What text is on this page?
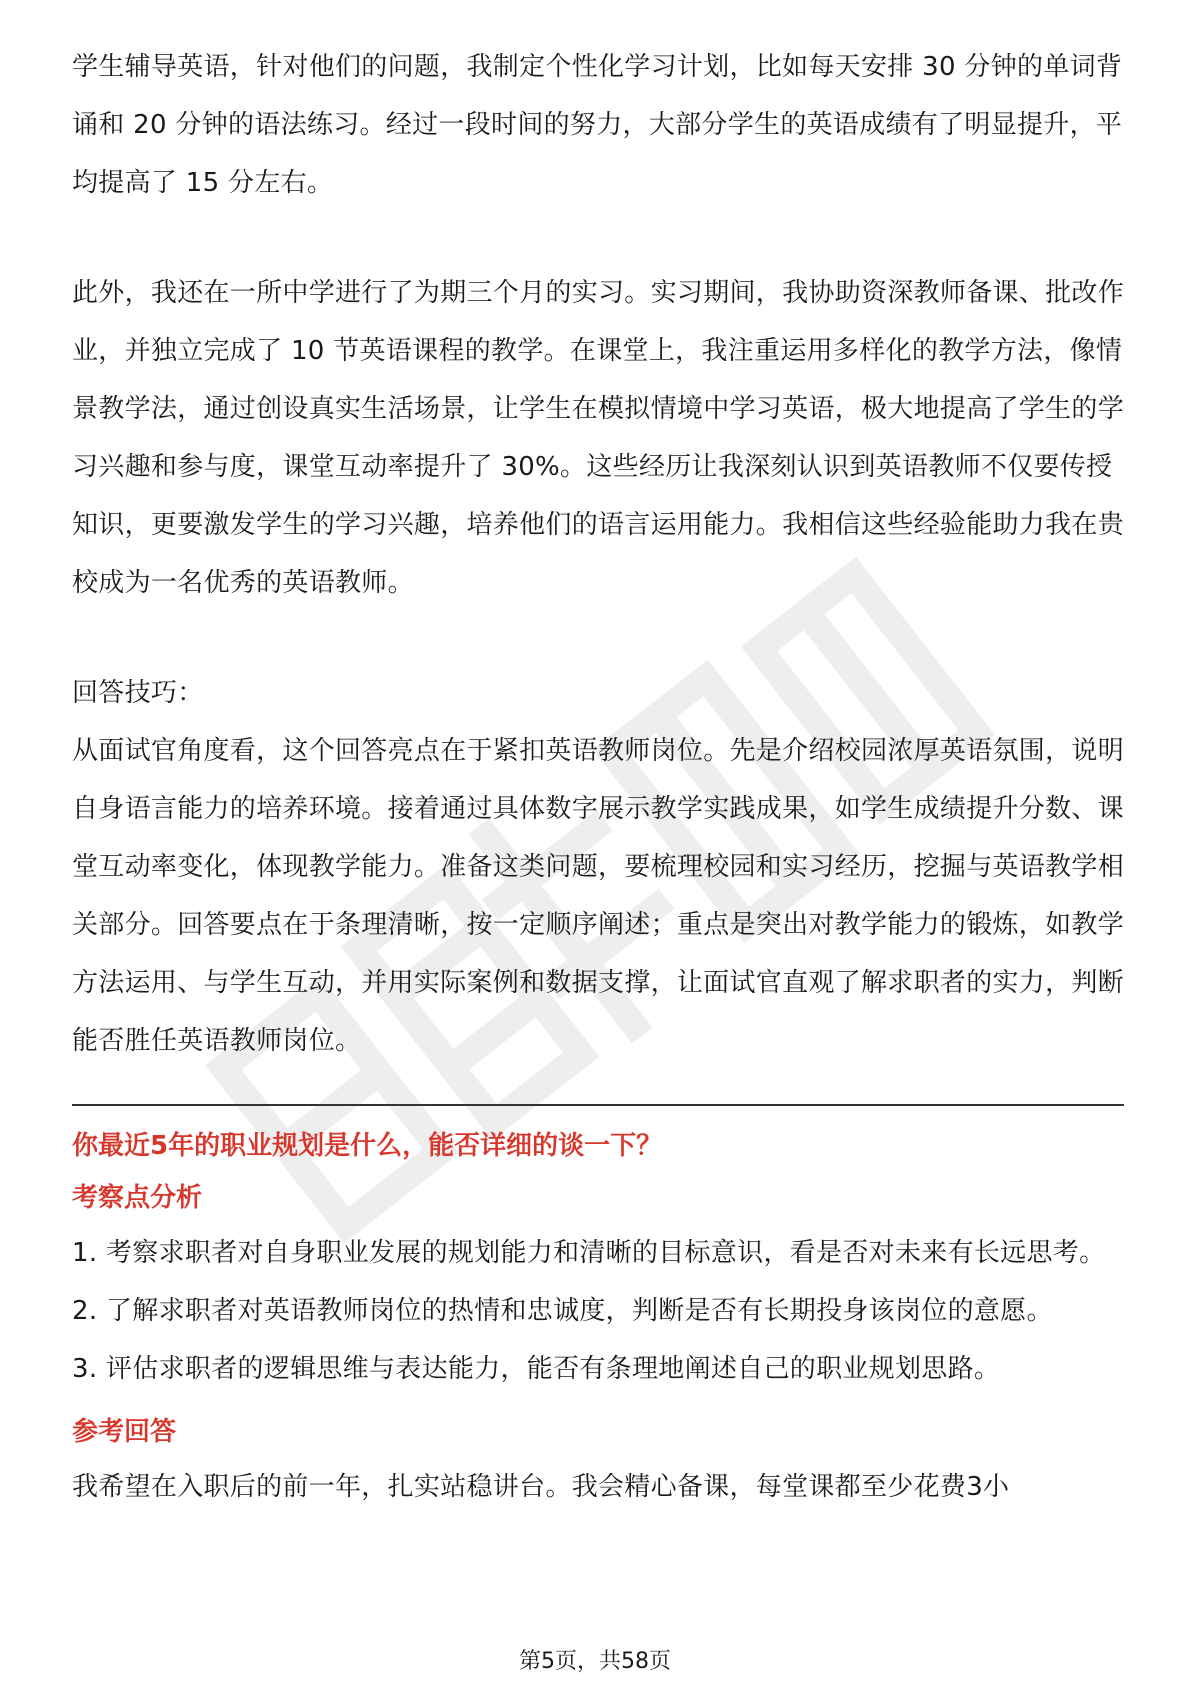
学生辅导英语，针对他们的问题，我制定个性化学习计划，比如每天安排 30 分钟的单词背诵和 20 分钟的语法练习。经过一段时间的努力，大部分学生的英语成绩有了明显提升，平均提高了 15 分左右。

此外，我还在一所中学进行了为期三个月的实习。实习期间，我协助资深教师备课、批改作业，并独立完成了 10 节英语课程的教学。在课堂上，我注重运用多样化的教学方法，像情景教学法，通过创设真实生活场景，让学生在模拟情境中学习英语，极大地提高了学生的学习兴趣和参与度，课堂互动率提升了 30%。这些经历让我深刻认识到英语教师不仅要传授知识，更要激发学生的学习兴趣，培养他们的语言运用能力。我相信这些经验能助力我在贵校成为一名优秀的英语教师。

回答技巧：

从面试官角度看，这个回答亮点在于紧扣英语教师岗位。先是介绍校园浓厚英语氛围，说明自身语言能力的培养环境。接着通过具体数字展示教学实践成果，如学生成绩提升分数、课堂互动率变化，体现教学能力。准备这类问题，要梳理校园和实习经历，挖掘与英语教学相关部分。回答要点在于条理清晰，按一定顺序阐述；重点是突出对教学能力的锻炼，如教学方法运用、与学生互动，并用实际案例和数据支撑，让面试官直观了解求职者的实力，判断能否胜任英语教师岗位。

你最近5年的职业规划是什么，能否详细的谈一下？

考察点分析

1. 考察求职者对自身职业发展的规划能力和清晰的目标意识，看是否对未来有长远思考。

2. 了解求职者对英语教师岗位的热情和忠诚度，判断是否有长期投身该岗位的意愿。

3. 评估求职者的逻辑思维与表达能力，能否有条理地阐述自己的职业规划思路。

参考回答

我希望在入职后的前一年，扎实站稳讲台。我会精心备课，每堂课都至少花费3小

第5页，共58页
